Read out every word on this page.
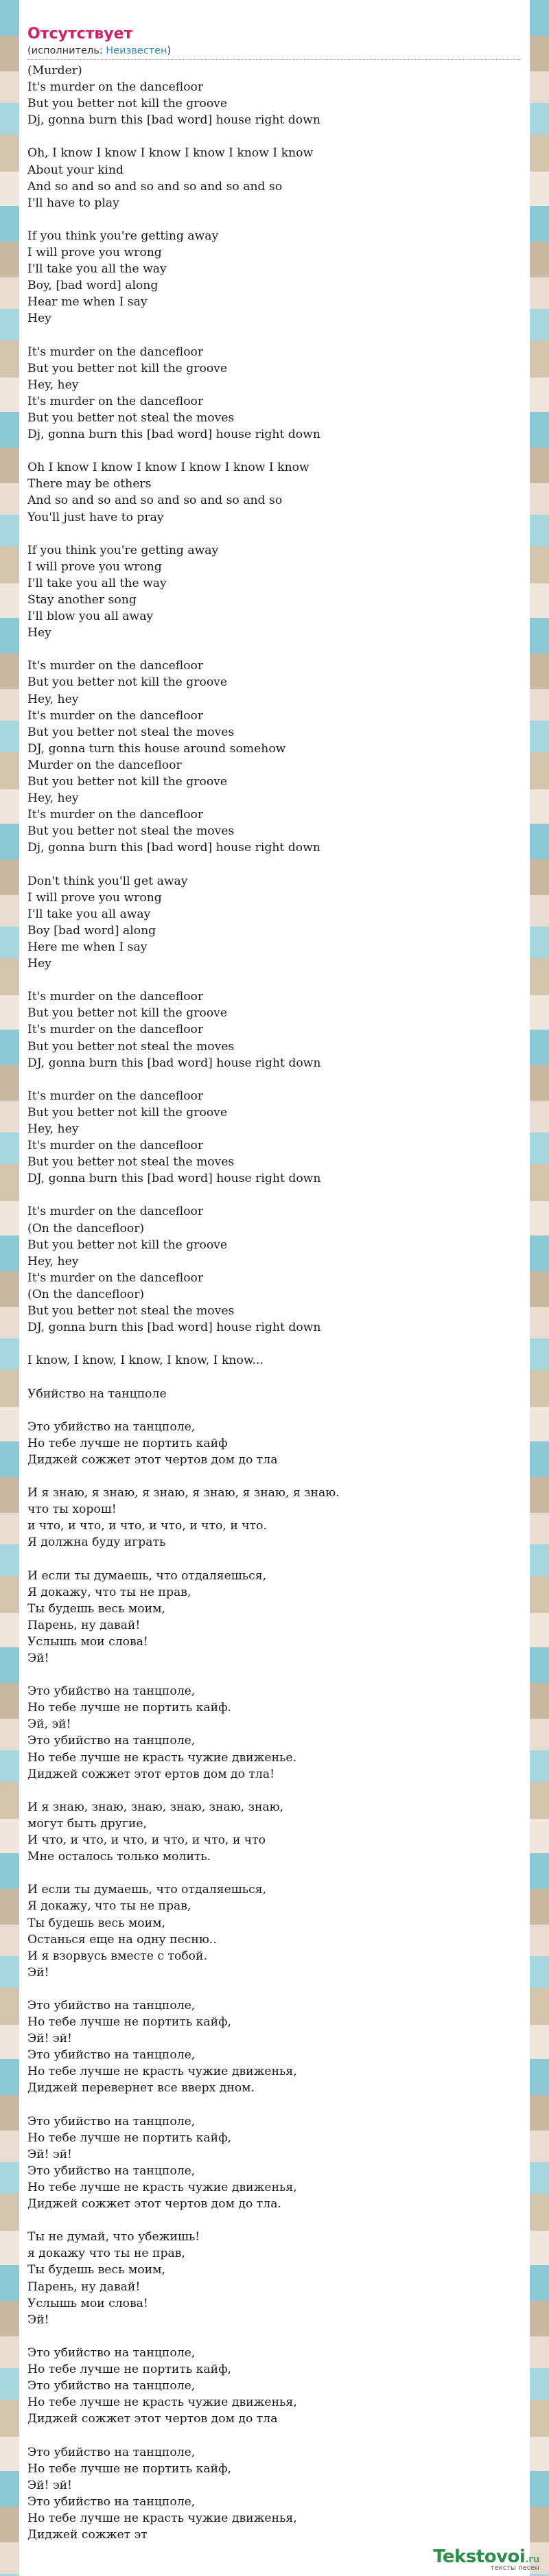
Отсутствует
(исполнитель: Неизвестен)
(Murder)
It's murder on the dancefloor
But you better not kill the groove
Dj, gonna burn this [bad word] house right down
Oh, I know I know I know I know I know I know
About your kind
And so and so and so and so and so and so
I'll have to play
If you think you're getting away
I will prove you wrong
I'll take you all the way
Boy, [bad word] along
Hear me when I say
Hey
It's murder on the dancefloor
But you better not kill the groove
Hey, hey
It's murder on the dancefloor
But you better not steal the moves
Dj, gonna burn this [bad word] house right down
Oh I know I know I know I know I know I know
There may be others
And so and so and so and so and so and so
You'll just have to pray
If you think you're getting away
I will prove you wrong
I'll take you all the way
Stay another song
I'll blow you all away
Hey
It's murder on the dancefloor
But you better not kill the groove
Hey, hey
It's murder on the dancefloor
But you better not steal the moves
DJ, gonna turn this house around somehow
Murder on the dancefloor
But you better not kill the groove
Hey, hey
It's murder on the dancefloor
But you better not steal the moves
Dj, gonna burn this [bad word] house right down
Don't think you'll get away
I will prove you wrong
I'll take you all away
Boy [bad word] along
Here me when I say
Hey
It's murder on the dancefloor
But you better not kill the groove
It's murder on the dancefloor
But you better not steal the moves
DJ, gonna burn this [bad word] house right down
It's murder on the dancefloor
But you better not kill the groove
Hey, hey
It's murder on the dancefloor
But you better not steal the moves
DJ, gonna burn this [bad word] house right down
It's murder on the dancefloor
(On the dancefloor)
But you better not kill the groove
Hey, hey
It's murder on the dancefloor
(On the dancefloor)
But you better not steal the moves
DJ, gonna burn this [bad word] house right down
I know, I know, I know, I know, I know...
Убийство на танцполе
Это убийство на танцполе,
Но тебе лучше не портить кайф
Диджей сожжет этот чертов дом до тла
И я знаю, я знаю, я знаю, я знаю, я знаю, я знаю.
что ты хорош!
и что, и что, и что, и что, и что, и что.
Я должна буду играть
И если ты думаешь, что отдаляешься,
Я докажу, что ты не прав,
Ты будешь весь моим,
Парень, ну давай!
Услышь мои слова!
Эй!
Это убийство на танцполе,
Но тебе лучше не портить кайф.
Эй, эй!
Это убийство на танцполе,
Но тебе лучше не красть чужие движенье.
Диджей сожжет этот ертов дом до тла!
И я знаю, знаю, знаю, знаю, знаю, знаю,
могут быть другие,
И что, и что, и что, и что, и что, и что
Мне осталось только молить.
И если ты думаешь, что отдаляешься,
Я докажу, что ты не прав,
Ты будешь весь моим,
Останься еще на одну песню..
И я взорвусь вместе с тобой.
Эй!
Это убийство на танцполе,
Но тебе лучше не портить кайф,
Эй! эй!
Это убийство на танцполе,
Но тебе лучше не красть чужие движенья,
Диджей перевернет все вверх дном.
Это убийство на танцполе,
Но тебе лучше не портить кайф,
Эй! эй!
Это убийство на танцполе,
Но тебе лучше не красть чужие движенья,
Диджей сожжет этот чертов дом до тла.
Ты не думай, что убежишь!
я докажу что ты не прав,
Ты будешь весь моим,
Парень, ну давай!
Услышь мои слова!
Эй!
Это убийство на танцполе,
Но тебе лучше не портить кайф,
Это убийство на танцполе,
Но тебе лучше не красть чужие движенья,
Диджей сожжет этот чертов дом до тла
Это убийство на танцполе,
Но тебе лучше не портить кайф,
Эй! эй!
Это убийство на танцполе,
Но тебе лучше не красть чужие движенья,
Диджей сожжет эт
Tekstovoi.ru
тексты песен
